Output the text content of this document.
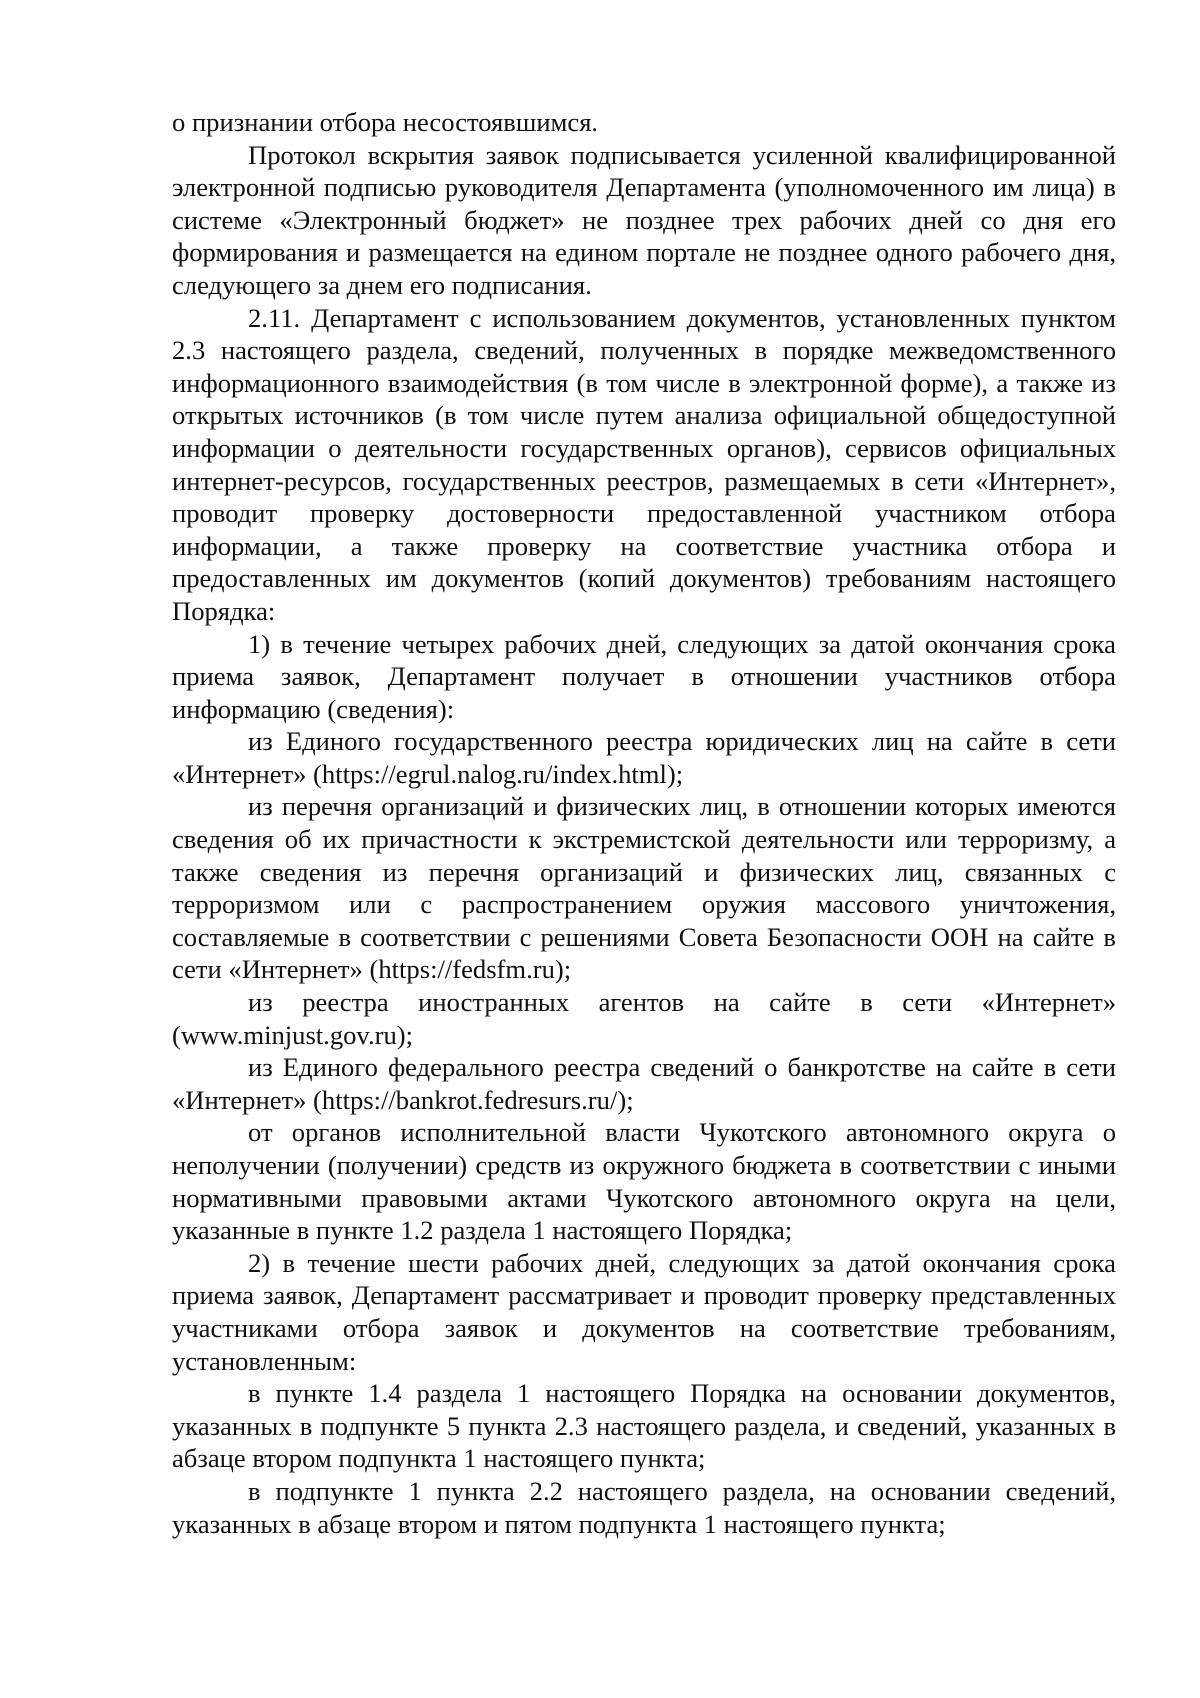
о признании отбора несостоявшимся.

Протокол вскрытия заявок подписывается усиленной квалифицированной электронной подписью руководителя Департамента (уполномоченного им лица) в системе «Электронный бюджет» не позднее трех рабочих дней со дня его формирования и размещается на едином портале не позднее одного рабочего дня, следующего за днем его подписания.

2.11. Департамент с использованием документов, установленных пунктом 2.3 настоящего раздела, сведений, полученных в порядке межведомственного информационного взаимодействия (в том числе в электронной форме), а также из открытых источников (в том числе путем анализа официальной общедоступной информации о деятельности государственных органов), сервисов официальных интернет-ресурсов, государственных реестров, размещаемых в сети «Интернет», проводит проверку достоверности предоставленной участником отбора информации, а также проверку на соответствие участника отбора и предоставленных им документов (копий документов) требованиям настоящего Порядка:

1) в течение четырех рабочих дней, следующих за датой окончания срока приема заявок, Департамент получает в отношении участников отбора информацию (сведения):

из Единого государственного реестра юридических лиц на сайте в сети «Интернет» (https://egrul.nalog.ru/index.html);

из перечня организаций и физических лиц, в отношении которых имеются сведения об их причастности к экстремистской деятельности или терроризму, а также сведения из перечня организаций и физических лиц, связанных с терроризмом или с распространением оружия массового уничтожения, составляемые в соответствии с решениями Совета Безопасности ООН на сайте в сети «Интернет» (https://fedsfm.ru);

из реестра иностранных агентов на сайте в сети «Интернет» (www.minjust.gov.ru);

из Единого федерального реестра сведений о банкротстве на сайте в сети «Интернет» (https://bankrot.fedresurs.ru/);

от органов исполнительной власти Чукотского автономного округа о неполучении (получении) средств из окружного бюджета в соответствии с иными нормативными правовыми актами Чукотского автономного округа на цели, указанные в пункте 1.2 раздела 1 настоящего Порядка;

2) в течение шести рабочих дней, следующих за датой окончания срока приема заявок, Департамент рассматривает и проводит проверку представленных участниками отбора заявок и документов на соответствие требованиям, установленным:

в пункте 1.4 раздела 1 настоящего Порядка на основании документов, указанных в подпункте 5 пункта 2.3 настоящего раздела, и сведений, указанных в абзаце втором подпункта 1 настоящего пункта;

в подпункте 1 пункта 2.2 настоящего раздела, на основании сведений, указанных в абзаце втором и пятом подпункта 1 настоящего пункта;
